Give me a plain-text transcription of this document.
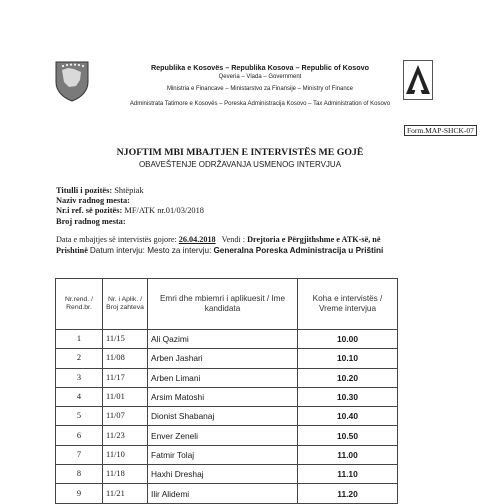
Republika e Kosovës – Republika Kosova – Republic of Kosovo
Qeveria – Vlada – Government
Ministria e Financave – Ministarstvo za Finansije – Ministry of Finance
Administrata Tatimore e Kosovës – Poreska Administracija Kosovo – Tax Administration of Kosovo
Form.MAP-SHCK-07
NJOFTIM MBI MBAJTJEN E INTERVISTËS ME GOJË
OBAVEŠTENJE ODRŽAVANJA USMENOG INTERVJUA
Titulli i pozitës: Shtëpiak
Naziv radnog mesta:
Nr.i ref. së pozitës: MF/ATK nr.01/03/2018
Broj radnog mesta:
Data e mbajtjes së intervistës gojore: 26.04.2018 Vendi : Drejtoria e Përgjithshme e ATK-së, në
Prishtinë Datum intervju: Mesto za intervju: Generalna Poreska Administracija u Prištini
Nr.rend. / Rend.br.	Nr. i Aplik. / Broj zahteva	Emri dhe mbiemri i aplikuesit / Ime kandidata	Koha e intervistës / Vreme intervjua
1	11/15	Ali Qazimi	10.00
2	11/08	Arben Jashari	10.10
3	11/17	Arben Limani	10.20
4	11/01	Arsim Matoshi	10.30
5	11/07	Dionist Shabanaj	10.40
6	11/23	Enver Zeneli	10.50
7	11/10	Fatmir Tolaj	11.00
8	11/18	Haxhi Dreshaj	11.10
9	11/21	Ilir Alidemi	11.20
